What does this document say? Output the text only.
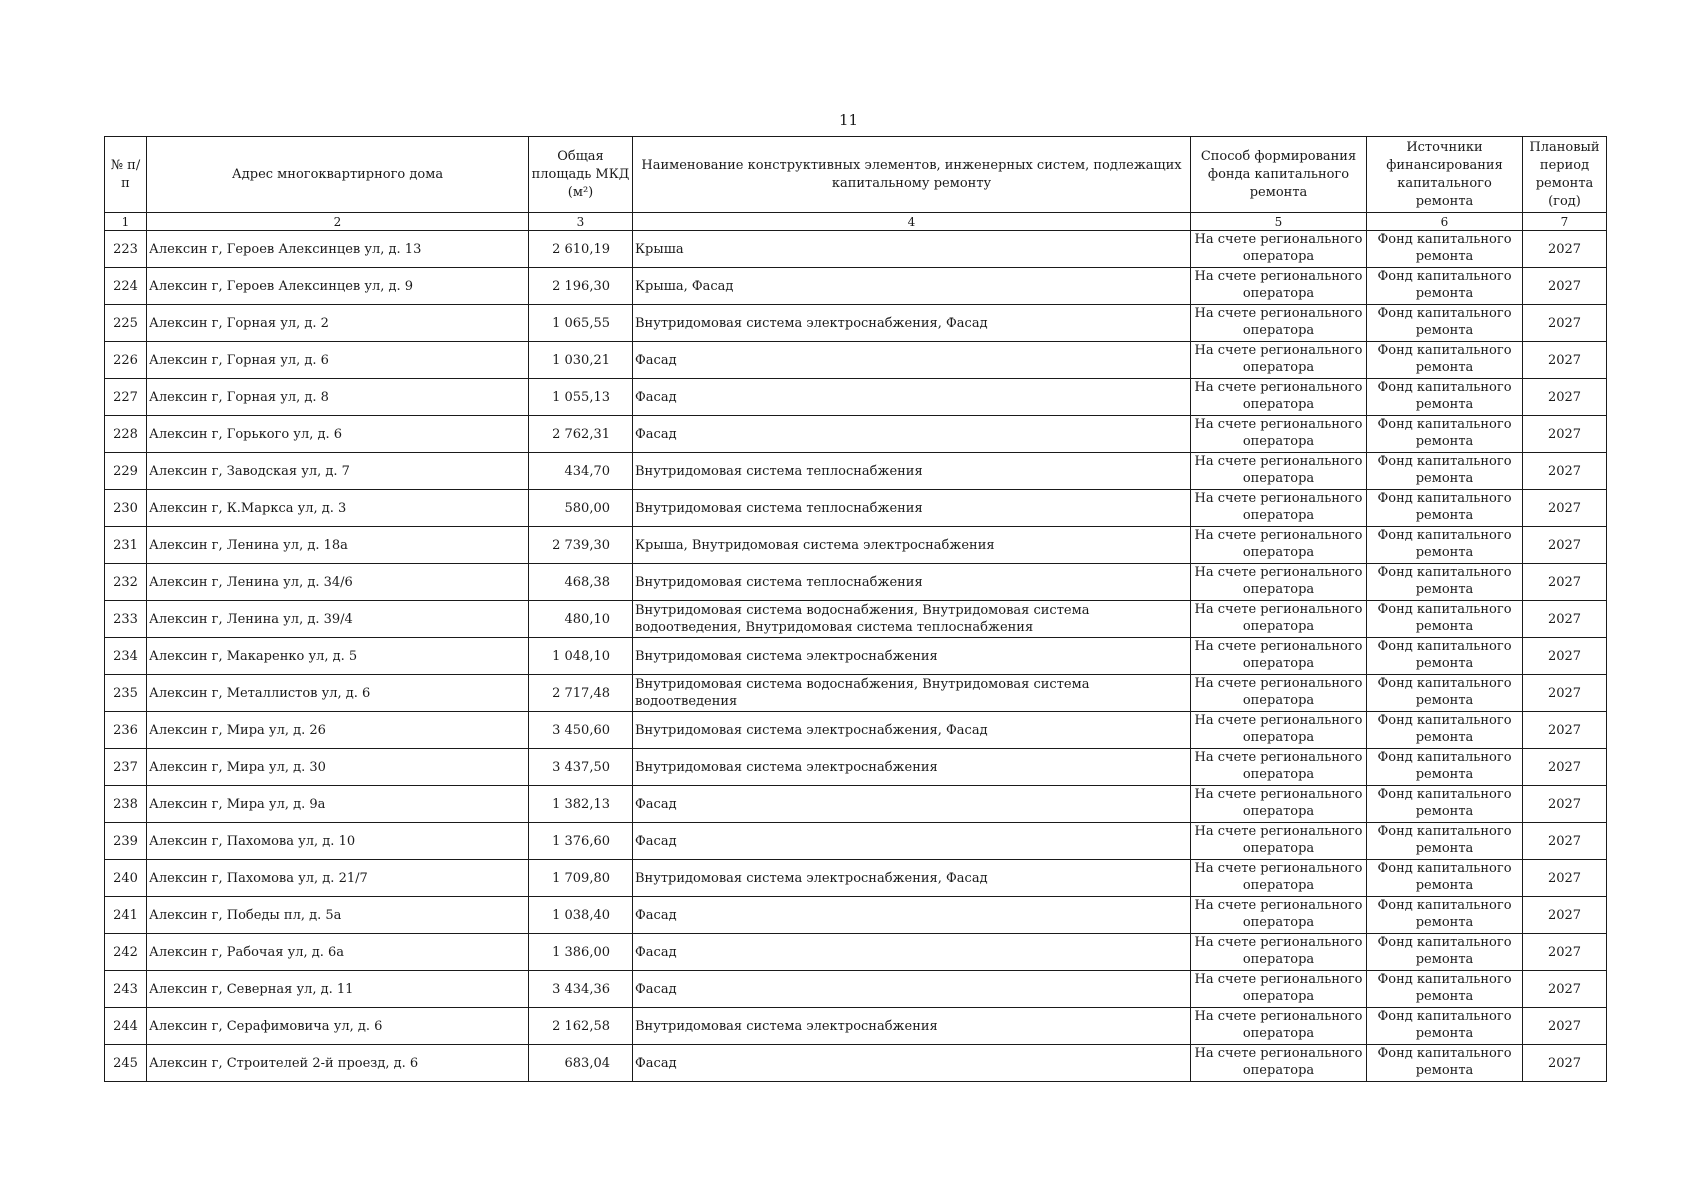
11
№ п/п	Адрес многоквартирного дома	Общая площадь МКД (м²)	Наименование конструктивных элементов, инженерных систем, подлежащих капитальному ремонту	Способ формирования фонда капитального ремонта	Источники финансирования капитального ремонта	Плановый период ремонта (год)
1	2	3	4	5	6	7
223	Алексин г, Героев Алексинцев ул, д. 13	2 610,19	Крыша	На счете регионального оператора	Фонд капитального ремонта	2027
224	Алексин г, Героев Алексинцев ул, д. 9	2 196,30	Крыша, Фасад	На счете регионального оператора	Фонд капитального ремонта	2027
225	Алексин г, Горная ул, д. 2	1 065,55	Внутридомовая система электроснабжения, Фасад	На счете регионального оператора	Фонд капитального ремонта	2027
226	Алексин г, Горная ул, д. 6	1 030,21	Фасад	На счете регионального оператора	Фонд капитального ремонта	2027
227	Алексин г, Горная ул, д. 8	1 055,13	Фасад	На счете регионального оператора	Фонд капитального ремонта	2027
228	Алексин г, Горького ул, д. 6	2 762,31	Фасад	На счете регионального оператора	Фонд капитального ремонта	2027
229	Алексин г, Заводская ул, д. 7	434,70	Внутридомовая система теплоснабжения	На счете регионального оператора	Фонд капитального ремонта	2027
230	Алексин г, К.Маркса ул, д. 3	580,00	Внутридомовая система теплоснабжения	На счете регионального оператора	Фонд капитального ремонта	2027
231	Алексин г, Ленина ул, д. 18а	2 739,30	Крыша, Внутридомовая система электроснабжения	На счете регионального оператора	Фонд капитального ремонта	2027
232	Алексин г, Ленина ул, д. 34/6	468,38	Внутридомовая система теплоснабжения	На счете регионального оператора	Фонд капитального ремонта	2027
233	Алексин г, Ленина ул, д. 39/4	480,10	Внутридомовая система водоснабжения, Внутридомовая система водоотведения, Внутридомовая система теплоснабжения	На счете регионального оператора	Фонд капитального ремонта	2027
234	Алексин г, Макаренко ул, д. 5	1 048,10	Внутридомовая система электроснабжения	На счете регионального оператора	Фонд капитального ремонта	2027
235	Алексин г, Металлистов ул, д. 6	2 717,48	Внутридомовая система водоснабжения, Внутридомовая система водоотведения	На счете регионального оператора	Фонд капитального ремонта	2027
236	Алексин г, Мира ул, д. 26	3 450,60	Внутридомовая система электроснабжения, Фасад	На счете регионального оператора	Фонд капитального ремонта	2027
237	Алексин г, Мира ул, д. 30	3 437,50	Внутридомовая система электроснабжения	На счете регионального оператора	Фонд капитального ремонта	2027
238	Алексин г, Мира ул, д. 9а	1 382,13	Фасад	На счете регионального оператора	Фонд капитального ремонта	2027
239	Алексин г, Пахомова ул, д. 10	1 376,60	Фасад	На счете регионального оператора	Фонд капитального ремонта	2027
240	Алексин г, Пахомова ул, д. 21/7	1 709,80	Внутридомовая система электроснабжения, Фасад	На счете регионального оператора	Фонд капитального ремонта	2027
241	Алексин г, Победы пл, д. 5а	1 038,40	Фасад	На счете регионального оператора	Фонд капитального ремонта	2027
242	Алексин г, Рабочая ул, д. 6а	1 386,00	Фасад	На счете регионального оператора	Фонд капитального ремонта	2027
243	Алексин г, Северная ул, д. 11	3 434,36	Фасад	На счете регионального оператора	Фонд капитального ремонта	2027
244	Алексин г, Серафимовича ул, д. 6	2 162,58	Внутридомовая система электроснабжения	На счете регионального оператора	Фонд капитального ремонта	2027
245	Алексин г, Строителей 2-й проезд, д. 6	683,04	Фасад	На счете регионального оператора	Фонд капитального ремонта	2027
